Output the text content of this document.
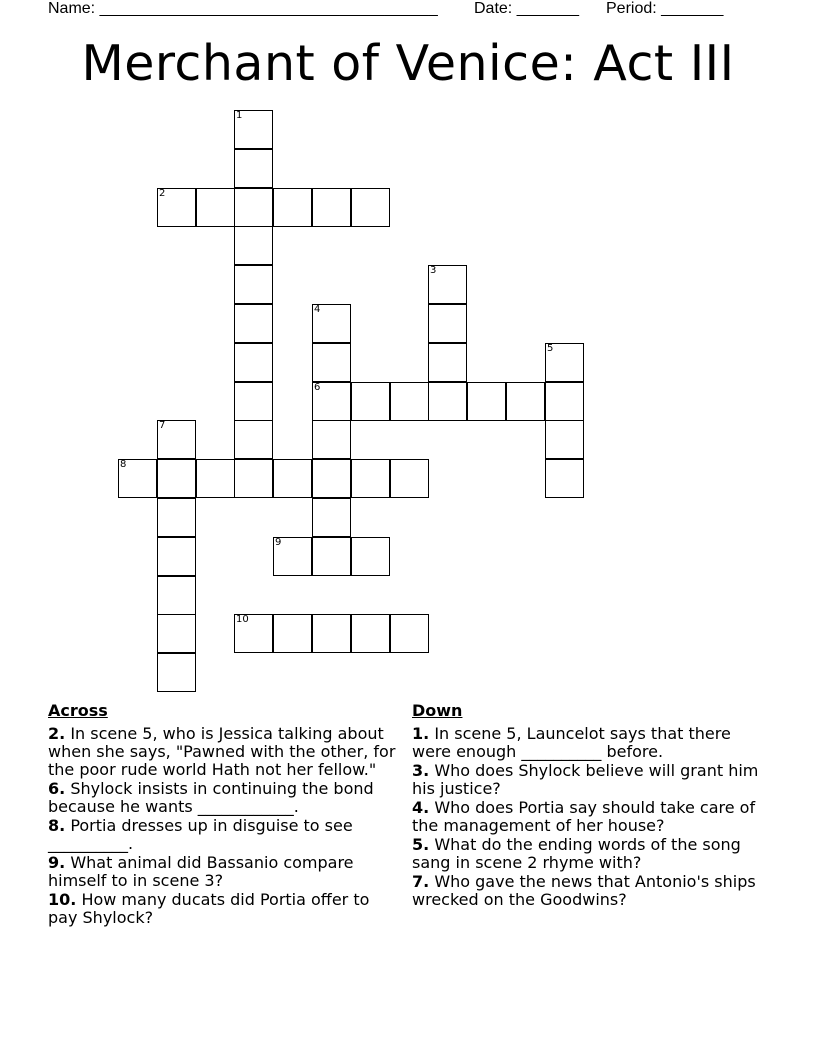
Name: ______________________________________ Date: _______ Period: _______
Merchant of Venice: Act III
2
6
8
9
10
1
3
4
5
7
Across
2. In scene 5, who is Jessica talking about when she says, "Pawned with the other, for the poor rude world Hath not her fellow."
6. Shylock insists in continuing the bond because he wants ____________.
8. Portia dresses up in disguise to see __________.
9. What animal did Bassanio compare himself to in scene 3?
10. How many ducats did Portia offer to pay Shylock?
Down
1. In scene 5, Launcelot says that there were enough __________ before.
3. Who does Shylock believe will grant him his justice?
4. Who does Portia say should take care of the management of her house?
5. What do the ending words of the song sang in scene 2 rhyme with?
7. Who gave the news that Antonio's ships wrecked on the Goodwins?
